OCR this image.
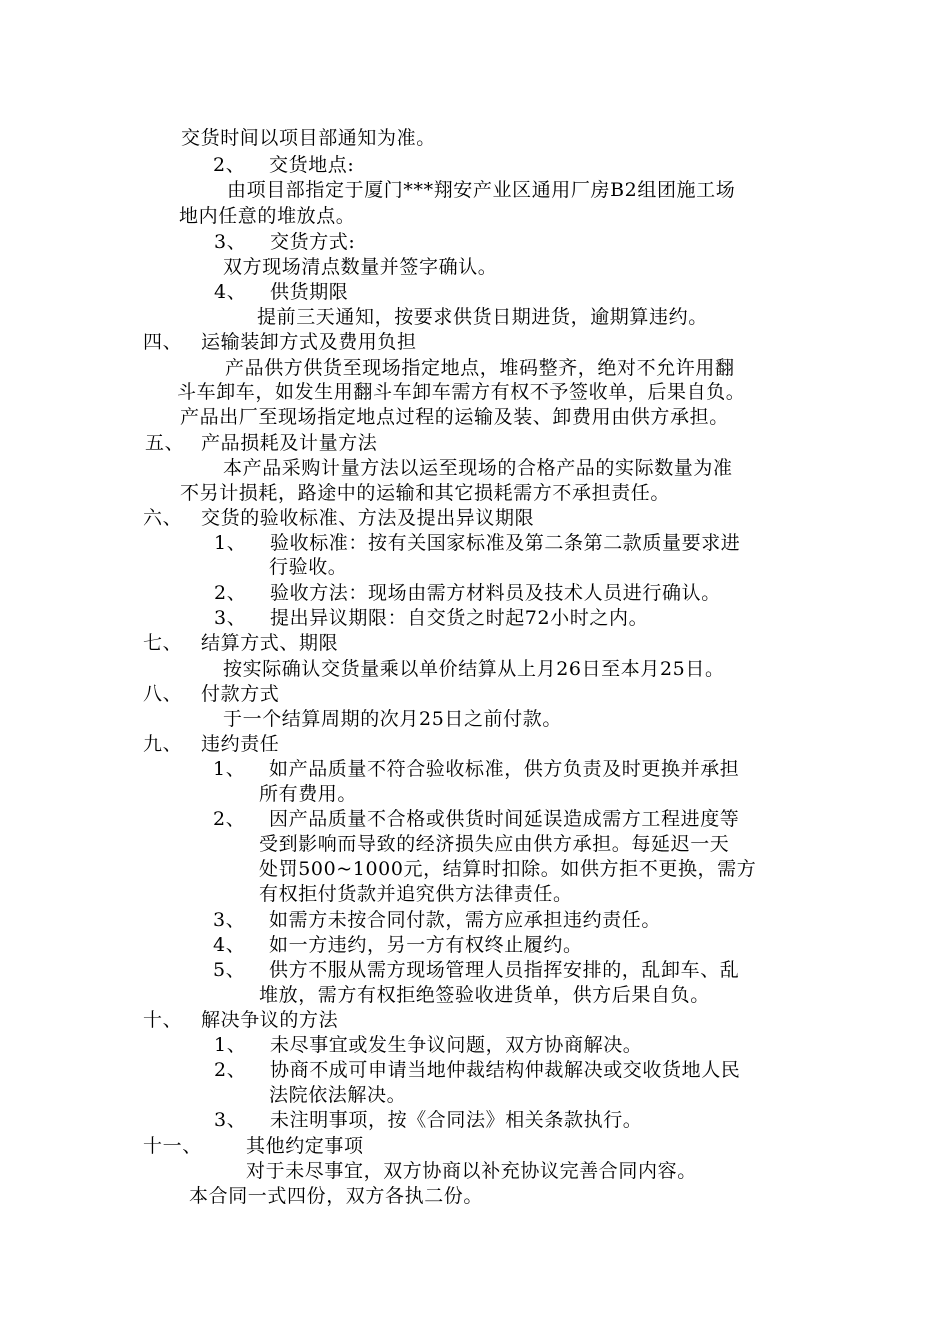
交货时间以项目部通知为准。
2、 交货地点:
由项目部指定于厦门***翔安产业区通用厂房B2组团施工场
地内任意的堆放点。
3、 交货方式:
双方现场清点数量并签字确认。
4、 供货期限
提前三天通知，按要求供货日期进货，逾期算违约。
四、 运输装卸方式及费用负担
产品供方供货至现场指定地点，堆码整齐，绝对不允许用翻
斗车卸车，如发生用翻斗车卸车需方有权不予签收单，后果自负。
产品出厂至现场指定地点过程的运输及装、卸费用由供方承担。
五、 产品损耗及计量方法
本产品采购计量方法以运至现场的合格产品的实际数量为准
不另计损耗，路途中的运输和其它损耗需方不承担责任。
六、 交货的验收标准、方法及提出异议期限
1、 验收标准：按有关国家标准及第二条第二款质量要求进
行验收。
2、 验收方法：现场由需方材料员及技术人员进行确认。
3、 提出异议期限：自交货之时起72小时之内。
七、 结算方式、期限
按实际确认交货量乘以单价结算从上月26日至本月25日。
八、 付款方式
于一个结算周期的次月25日之前付款。
九、 违约责任
1、 如产品质量不符合验收标准，供方负责及时更换并承担
所有费用。
2、 因产品质量不合格或供货时间延误造成需方工程进度等
受到影响而导致的经济损失应由供方承担。每延迟一天
处罚500~1000元，结算时扣除。如供方拒不更换，需方
有权拒付货款并追究供方法律责任。
3、 如需方未按合同付款，需方应承担违约责任。
4、 如一方违约，另一方有权终止履约。
5、 供方不服从需方现场管理人员指挥安排的，乱卸车、乱
堆放，需方有权拒绝签验收进货单，供方后果自负。
十、 解决争议的方法
1、 未尽事宜或发生争议问题，双方协商解决。
2、 协商不成可申请当地仲裁结构仲裁解决或交收货地人民
法院依法解决。
3、 未注明事项，按《合同法》相关条款执行。
十一、 其他约定事项
对于未尽事宜，双方协商以补充协议完善合同内容。
本合同一式四份，双方各执二份。
